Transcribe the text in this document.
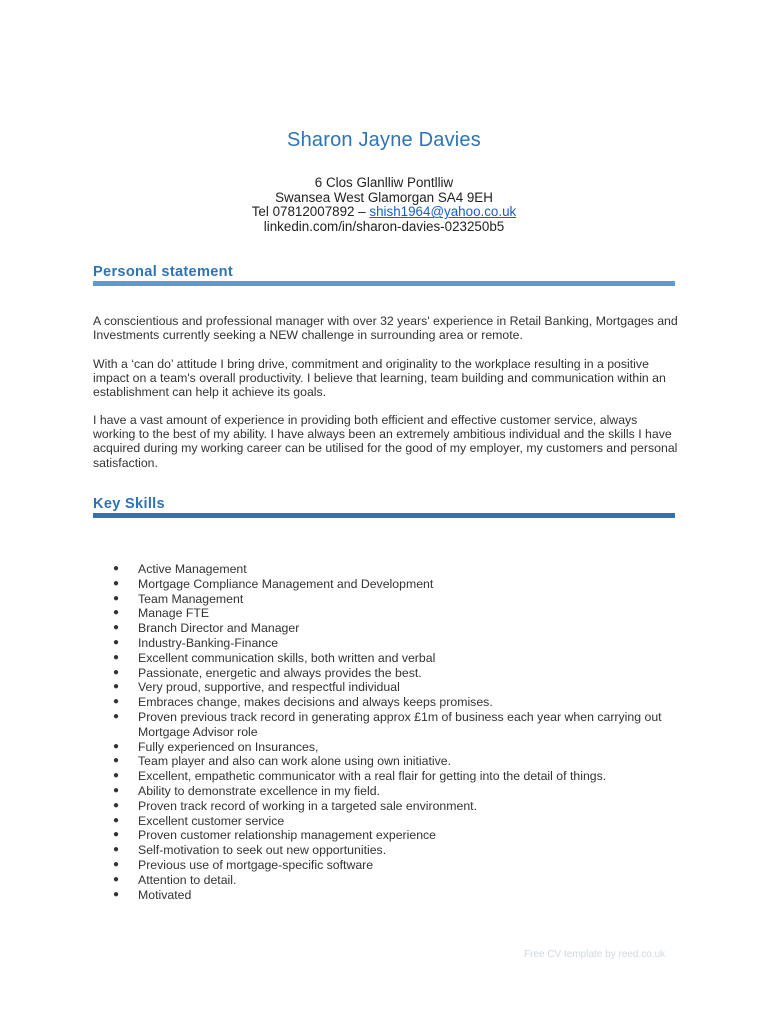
Sharon Jayne Davies
6 Clos Glanlliw Pontlliw
Swansea West Glamorgan SA4 9EH
Tel 07812007892 – shish1964@yahoo.co.uk
linkedin.com/in/sharon-davies-023250b5
Personal statement

A conscientious and professional manager with over 32 years' experience in Retail Banking, Mortgages and Investments currently seeking a NEW challenge in surrounding area or remote.

With a ‘can do’ attitude I bring drive, commitment and originality to the workplace resulting in a positive impact on a team's overall productivity. I believe that learning, team building and communication within an establishment can help it achieve its goals.

I have a vast amount of experience in providing both efficient and effective customer service, always working to the best of my ability. I have always been an extremely ambitious individual and the skills I have acquired during my working career can be utilised for the good of my employer, my customers and personal satisfaction.

Key Skills
● Active Management
● Mortgage Compliance Management and Development
● Team Management
● Manage FTE
● Branch Director and Manager
● Industry-Banking-Finance
● Excellent communication skills, both written and verbal
● Passionate, energetic and always provides the best.
● Very proud, supportive, and respectful individual
● Embraces change, makes decisions and always keeps promises.
● Proven previous track record in generating approx £1m of business each year when carrying out Mortgage Advisor role
● Fully experienced on Insurances,
● Team player and also can work alone using own initiative.
● Excellent, empathetic communicator with a real flair for getting into the detail of things.
● Ability to demonstrate excellence in my field.
● Proven track record of working in a targeted sale environment.
● Excellent customer service
● Proven customer relationship management experience
● Self-motivation to seek out new opportunities.
● Previous use of mortgage-specific software
● Attention to detail.
● Motivated
Free CV template by reed.co.uk
